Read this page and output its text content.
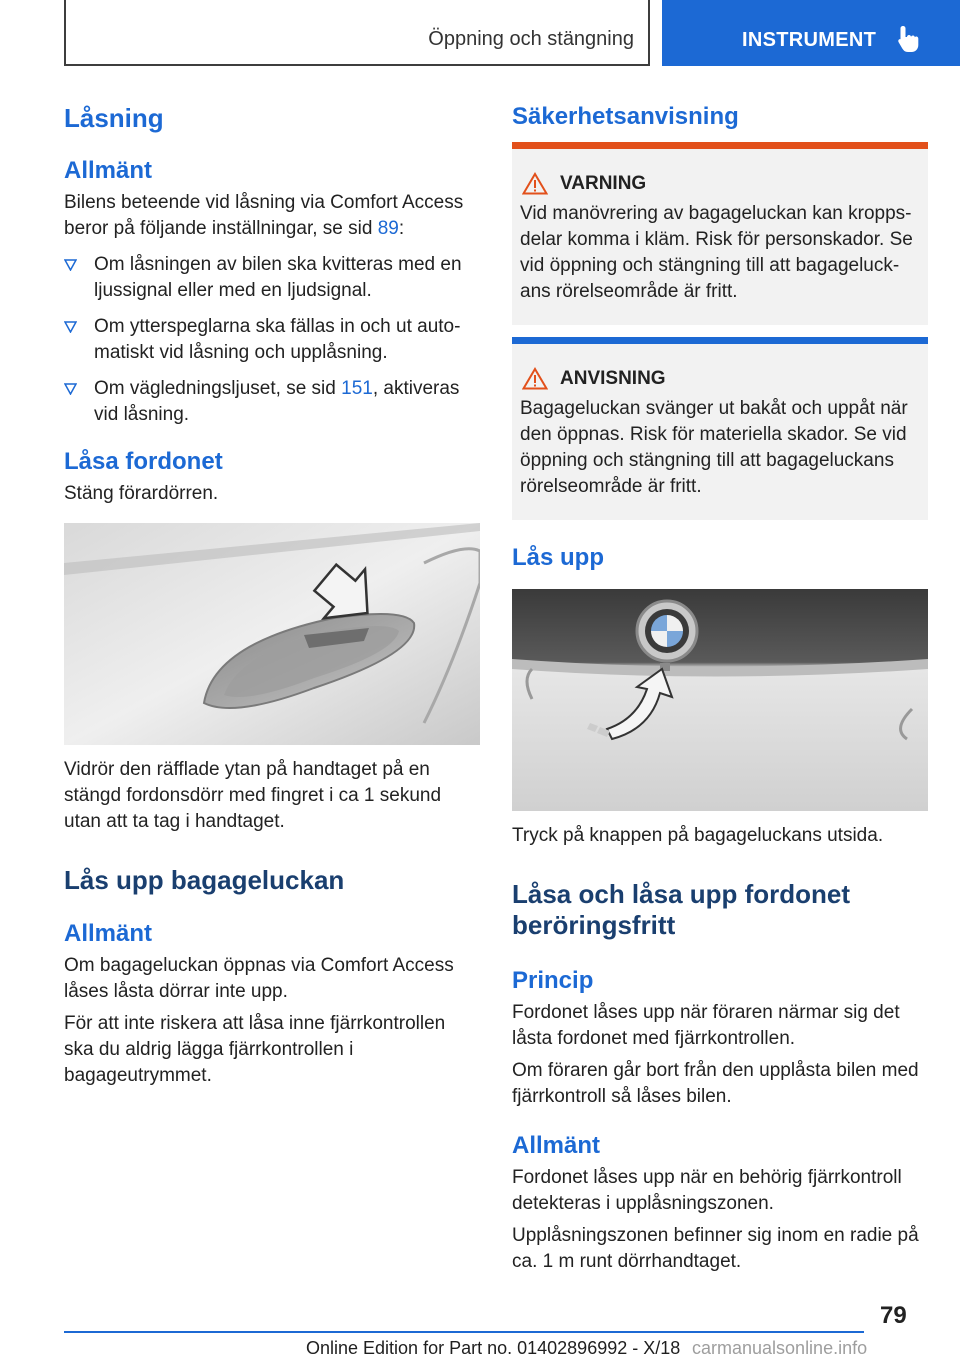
Öppning och stängning	INSTRUMENT
Låsning
Allmänt

Bilens beteende vid låsning via Comfort Access beror på följande inställningar, se sid 89:

Om låsningen av bilen ska kvitteras med en ljussignal eller med en ljudsignal.
Om ytterspeglarna ska fällas in och ut auto-matiskt vid låsning och upplåsning.
Om vägledningsljuset, se sid 151, aktiveras vid låsning.
Låsa fordonet

Stäng förardörren.

Vidrör den räfflade ytan på handtaget på en stängd fordonsdörr med fingret i ca 1 sekund utan att ta tag i handtaget.

Lås upp bagageluckan
Allmänt

Om bagageluckan öppnas via Comfort Access låses låsta dörrar inte upp.

För att inte riskera att låsa inne fjärrkontrollen ska du aldrig lägga fjärrkontrollen i bagageutrymmet.

Säkerhetsanvisning
VARNING

Vid manövrering av bagageluckan kan kropps-delar komma i kläm. Risk för personskador. Se vid öppning och stängning till att bagageluck-ans rörelseområde är fritt.

ANVISNING

Bagageluckan svänger ut bakåt och uppåt när den öppnas. Risk för materiella skador. Se vid öppning och stängning till att bagageluckans rörelseområde är fritt.

Lås upp

Tryck på knappen på bagageluckans utsida.

Låsa och låsa upp fordonet beröringsfritt
Princip

Fordonet låses upp när föraren närmar sig det låsta fordonet med fjärrkontrollen.

Om föraren går bort från den upplåsta bilen med fjärrkontroll så låses bilen.

Allmänt

Fordonet låses upp när en behörig fjärrkontroll detekteras i upplåsningszonen.

Upplåsningszonen befinner sig inom en radie på ca. 1 m runt dörrhandtaget.

79
Online Edition for Part no. 01402896992 - X/18 carmanualsonline.info
